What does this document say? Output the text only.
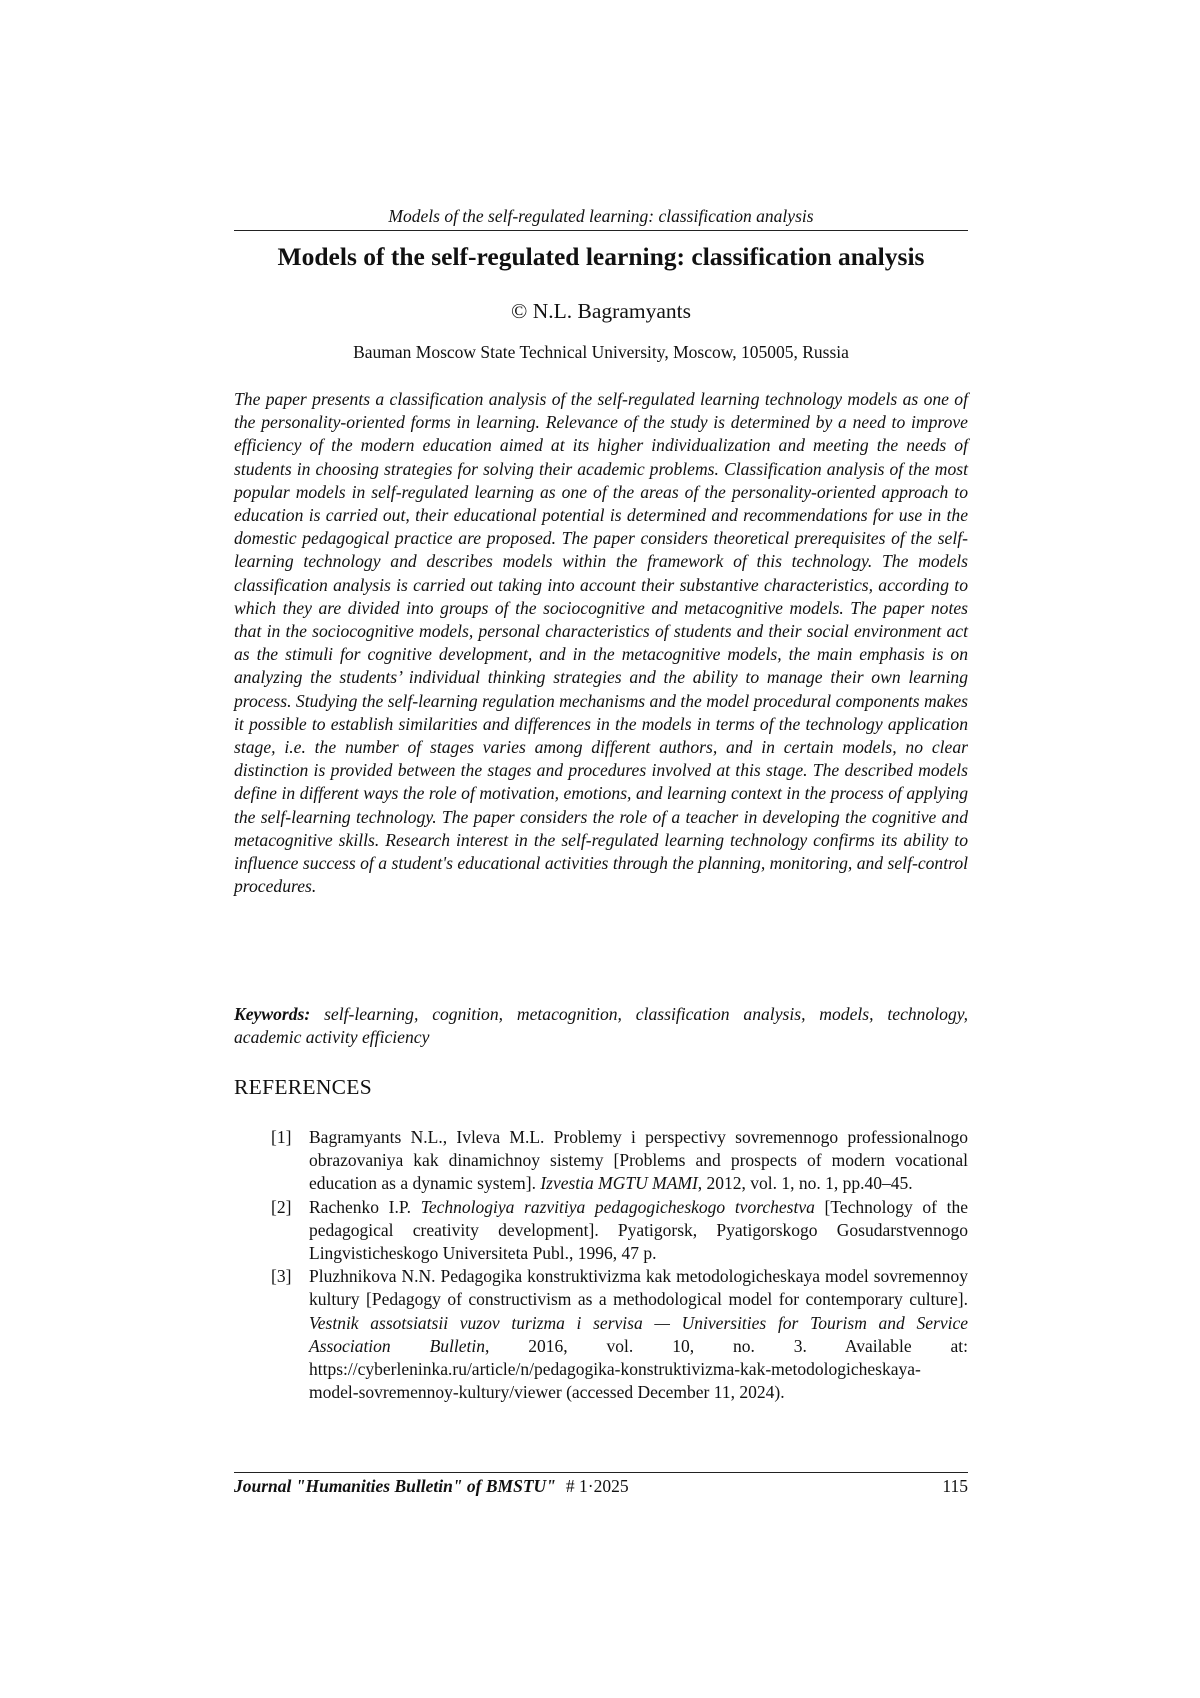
Models of the self-regulated learning: classification analysis
Models of the self-regulated learning: classification analysis
© N.L. Bagramyants
Bauman Moscow State Technical University, Moscow, 105005, Russia

The paper presents a classification analysis of the self-regulated learning technology models as one of the personality-oriented forms in learning. Relevance of the study is determined by a need to improve efficiency of the modern education aimed at its higher individualization and meeting the needs of students in choosing strategies for solving their academic problems. Classification analysis of the most popular models in self-regulated learning as one of the areas of the personality-oriented approach to education is carried out, their educational potential is determined and recommendations for use in the domestic pedagogical practice are proposed. The paper considers theoretical prerequisites of the self-learning technology and describes models within the framework of this technology. The models classification analysis is carried out taking into account their substantive characteristics, according to which they are divided into groups of the sociocognitive and metacognitive models. The paper notes that in the sociocognitive models, personal characteristics of students and their social environment act as the stimuli for cognitive development, and in the metacognitive models, the main emphasis is on analyzing the students’ individual thinking strategies and the ability to manage their own learning process. Studying the self-learning regulation mechanisms and the model procedural components makes it possible to establish similarities and differences in the models in terms of the technology application stage, i.e. the number of stages varies among different authors, and in certain models, no clear distinction is provided between the stages and procedures involved at this stage. The described models define in different ways the role of motivation, emotions, and learning context in the process of applying the self-learning technology. The paper considers the role of a teacher in developing the cognitive and metacognitive skills. Research interest in the self-regulated learning technology confirms its ability to influence success of a student's educational activities through the planning, monitoring, and self-control procedures.

Keywords: self-learning, cognition, metacognition, classification analysis, models, technology, academic activity efficiency

REFERENCES
[1] Bagramyants N.L., Ivleva M.L. Problemy i perspectivy sovremennogo professionalnogo obrazovaniya kak dinamichnoy sistemy [Problems and prospects of modern vocational education as a dynamic system]. Izvestia MGTU MAMI, 2012, vol. 1, no. 1, pp.40–45.
[2] Rachenko I.P. Technologiya razvitiya pedagogicheskogo tvorchestva [Technology of the pedagogical creativity development]. Pyatigorsk, Pyatigorskogo Gosudarstvennogo Lingvisticheskogo Universiteta Publ., 1996, 47 p.
[3] Pluzhnikova N.N. Pedagogika konstruktivizma kak metodologicheskaya model sovremennoy kultury [Pedagogy of constructivism as a methodological model for contemporary culture]. Vestnik assotsiatsii vuzov turizma i servisa — Universities for Tourism and Service Association Bulletin, 2016, vol. 10, no. 3. Available at: https://cyberleninka.ru/article/n/pedagogika-konstruktivizma-kak-metodologicheskaya-model-sovremennoy-kultury/viewer (accessed December 11, 2024).
Journal "Humanities Bulletin" of BMSTU" # 1·2025	115
